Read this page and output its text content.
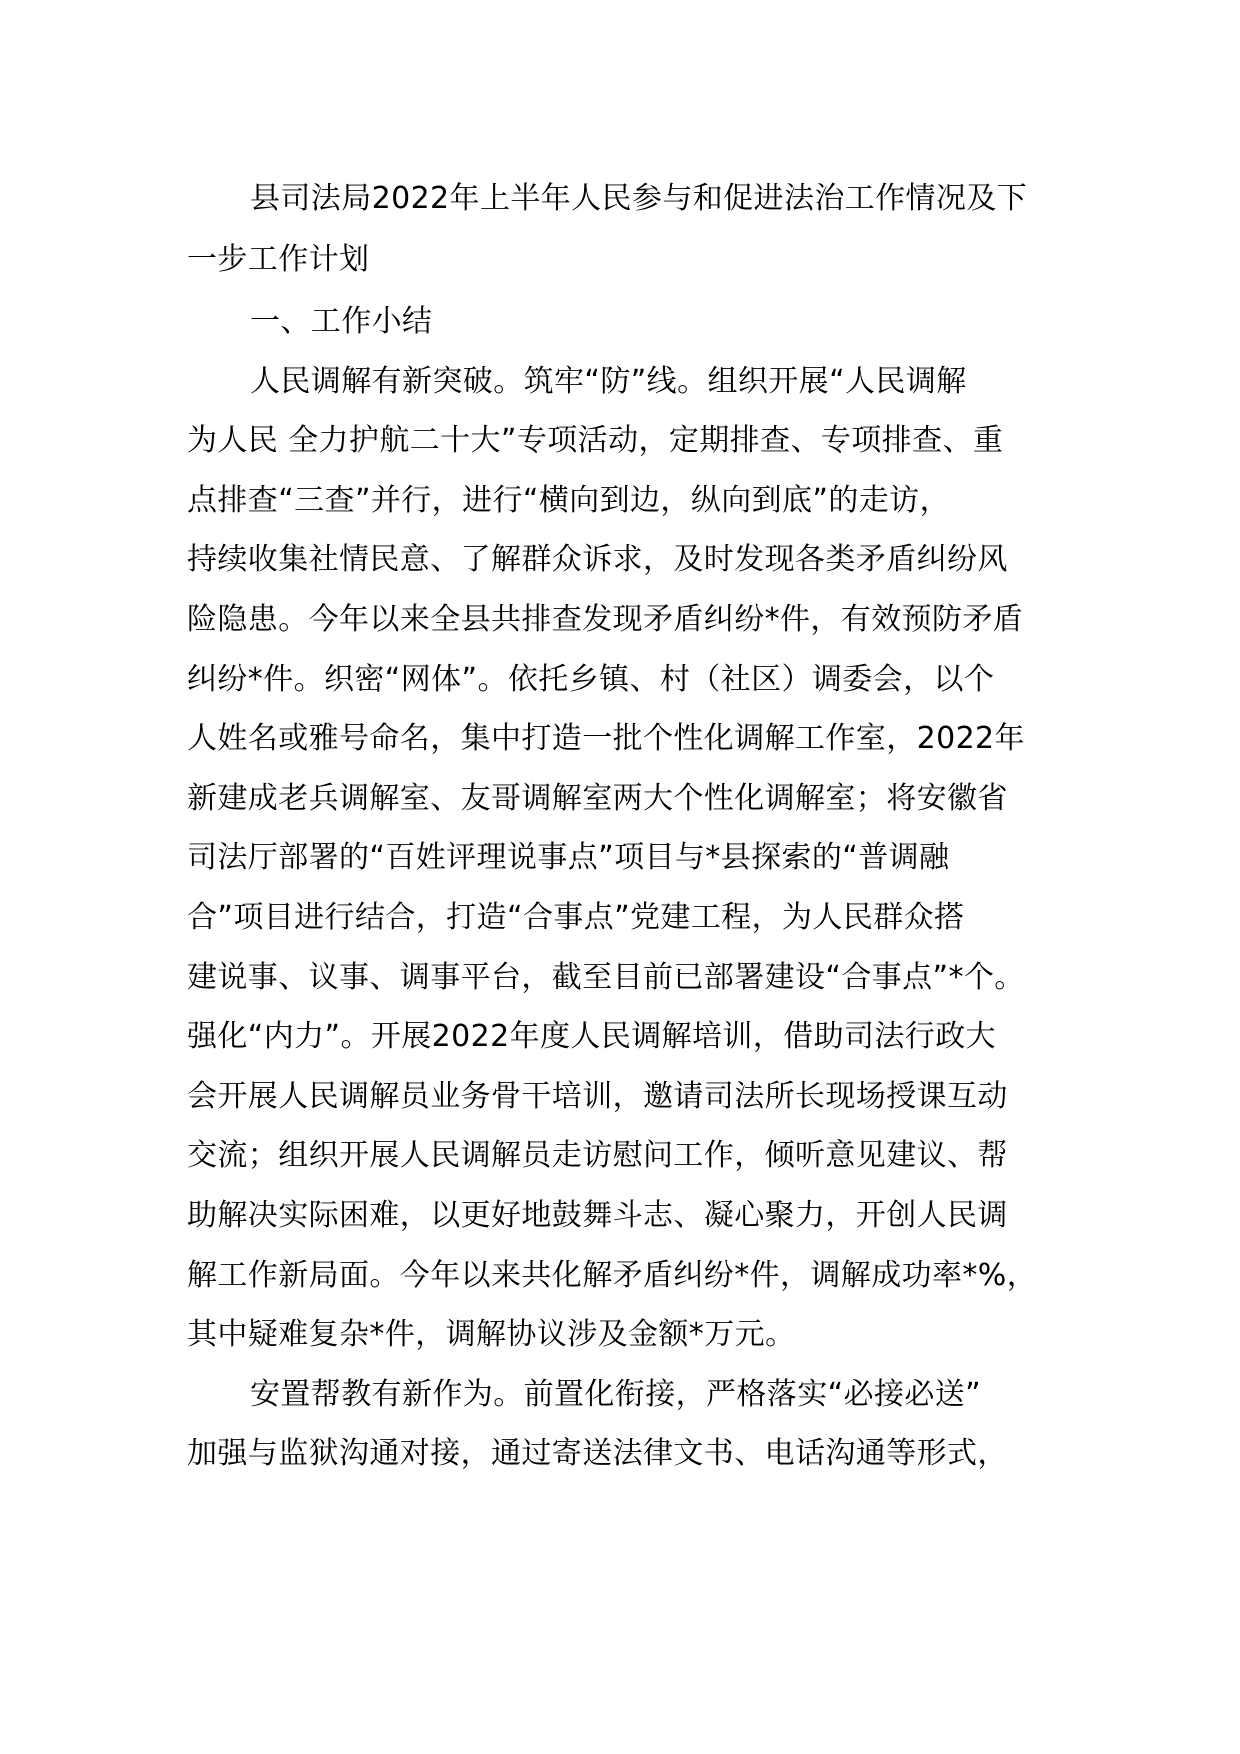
县司法局2022年上半年人民参与和促进法治工作情况及下
一步工作计划
一、工作小结
人民调解有新突破。筑牢“防”线。组织开展“人民调解
为人民 全力护航二十大”专项活动，定期排查、专项排查、重
点排查“三查”并行，进行“横向到边，纵向到底”的走访，
持续收集社情民意、了解群众诉求，及时发现各类矛盾纠纷风
险隐患。今年以来全县共排查发现矛盾纠纷*件，有效预防矛盾
纠纷*件。织密“网体”。依托乡镇、村（社区）调委会，以个
人姓名或雅号命名，集中打造一批个性化调解工作室，2022年
新建成老兵调解室、友哥调解室两大个性化调解室；将安徽省
司法厅部署的“百姓评理说事点”项目与*县探索的“普调融
合”项目进行结合，打造“合事点”党建工程，为人民群众搭
建说事、议事、调事平台，截至目前已部署建设“合事点”*个。
强化“内力”。开展2022年度人民调解培训，借助司法行政大
会开展人民调解员业务骨干培训，邀请司法所长现场授课互动
交流；组织开展人民调解员走访慰问工作，倾听意见建议、帮
助解决实际困难，以更好地鼓舞斗志、凝心聚力，开创人民调
解工作新局面。今年以来共化解矛盾纠纷*件，调解成功率*%，
其中疑难复杂*件，调解协议涉及金额*万元。
安置帮教有新作为。前置化衔接，严格落实“必接必送”
加强与监狱沟通对接，通过寄送法律文书、电话沟通等形式，
